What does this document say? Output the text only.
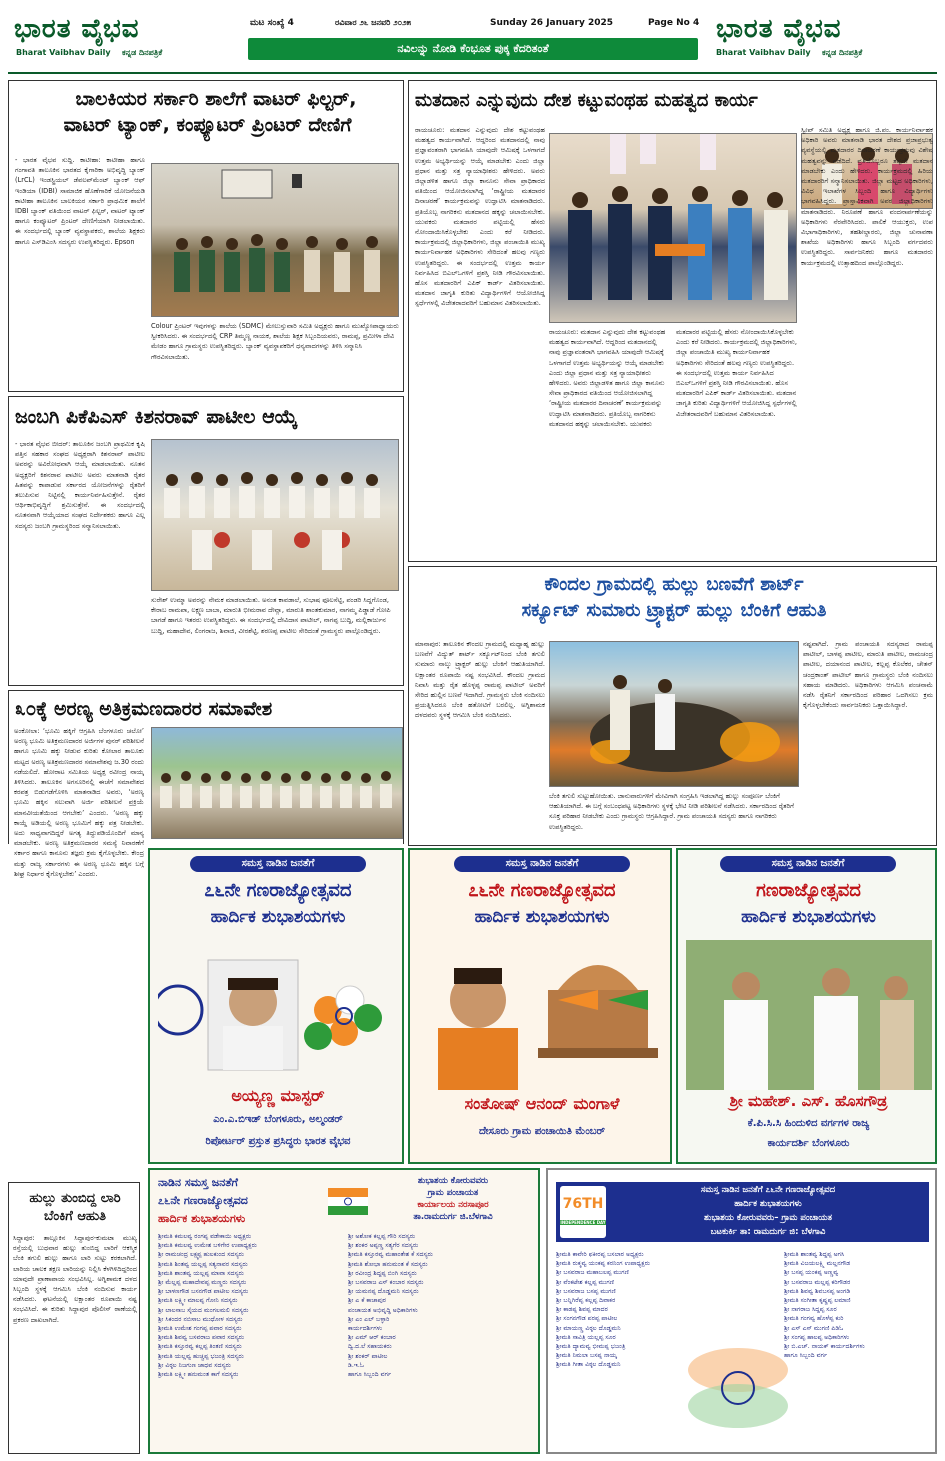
ಭಾರತ ವೈಭವ
Bharat Vaibhav Daily ಕನ್ನಡ ದಿನಪತ್ರಿಕೆ
ಮಟ ಸಂಖ್ಯೆ 4	ರವಿವಾರ ೨೬ ಜನವರಿ ೨೦೨೫	Sunday 26 January 2025	Page No 4
ನವಿಲನ್ನು ನೋಡಿ ಕೆಂಭೂತ ಪುಕ್ಕ ಕೆದರಿತಂತೆ
ಭಾರತ ವೈಭವ
Bharat Vaibhav Daily ಕನ್ನಡ ದಿನಪತ್ರಿಕೆ
ಬಾಲಕಿಯರ ಸರ್ಕಾರಿ ಶಾಲೆಗೆ ವಾಟರ್ ಫಿಲ್ಟರ್,
ವಾಟರ್ ಟ್ಯಾಂಕ್, ಕಂಪ್ಯೂಟರ್ ಪ್ರಿಂಟರ್ ದೇಣಿಗೆ
- ಭಾರತ ವೈಭವ ಸುದ್ದಿ. ಕಾಟೀಹಾ: ಕಾಟೀಹಾ ಹಾಗೂ ಗಂಗಾವತಿ ತಾಲೂಕಿನ ಭಾರತದ ಕೈಗಾರಿಕಾ ಅಭಿವೃದ್ಧಿ ಬ್ಯಾಂಕ್ (LrCL) ಇಂಡಸ್ಟ್ರಿಯಲ್ ಡೆವಲಪ್‌ಮೆಂಟ್ ಬ್ಯಾಂಕ್ ಆಫ್ ಇಂಡಿಯಾ (IDBI) ಸಾಮಾಜಿಕ ಹೊಣೆಗಾರಿಕೆ ಯೋಜನೆಯಡಿ ಕಾಟೀಹಾ ತಾಲೂಕಿನ ಬಾಲಕಿಯರ ಸರ್ಕಾರಿ ಪ್ರಾಥಮಿಕ ಶಾಲೆಗೆ IDBI ಬ್ಯಾಂಕ್ ವತಿಯಿಂದ ವಾಟರ್ ಫಿಲ್ಟರ್, ವಾಟರ್ ಟ್ಯಾಂಕ್ ಹಾಗೂ ಕಂಪ್ಯೂಟರ್ ಪ್ರಿಂಟರ್ ದೇಣಿಗೆಯಾಗಿ ನೀಡಲಾಯಿತು. ಈ ಸಂದರ್ಭದಲ್ಲಿ ಬ್ಯಾಂಕ್ ವ್ಯವಸ್ಥಾಪಕರು, ಶಾಲೆಯ ಶಿಕ್ಷಕರು ಹಾಗೂ ಎಸ್‌ಡಿಎಂಸಿ ಸದಸ್ಯರು ಉಪಸ್ಥಿತರಿದ್ದರು. Epson
Colour ಪ್ರಿಂಟರ್ ಇವುಗಳನ್ನು ಶಾಲೆಯ (SDMC) ಮೇಲುಸ್ತುವಾರಿ ಸಮಿತಿ ಅಧ್ಯಕ್ಷರು ಹಾಗೂ ಮುಖ್ಯೋಪಾಧ್ಯಾಯರು ಸ್ವೀಕರಿಸಿದರು. ಈ ಸಂದರ್ಭದಲ್ಲಿ CRP ತಿಮ್ಮಣ್ಣ ನಾಯಕ, ಶಾಲೆಯ ಶಿಕ್ಷಕ ಸಿಬ್ಬಂದಿಯವರು, ರಾಮಪ್ಪ, ಪ್ರಮೀಳಾ ದೇವಿ ಮೇಡಂ ಹಾಗೂ ಗ್ರಾಮಸ್ಥರು ಉಪಸ್ಥಿತರಿದ್ದರು. ಬ್ಯಾಂಕ್ ವ್ಯವಸ್ಥಾಪಕರಿಗೆ ಧನ್ಯವಾದಗಳನ್ನು ತಿಳಿಸಿ ಸನ್ಮಾನಿಸಿ ಗೌರವಿಸಲಾಯಿತು.
ಜಂಬಗಿ ಪಿಕೆಪಿಎಸ್ ಕಿಶನರಾವ್ ಪಾಟೀಲ ಆಯ್ಕೆ
- ಭಾರತ ವೈಭವ ಬೀದರ್: ತಾಲೂಕಿನ ಜಂಬಗಿ ಪ್ರಾಥಮಿಕ ಕೃಷಿ ಪತ್ತಿನ ಸಹಕಾರ ಸಂಘದ ಅಧ್ಯಕ್ಷರಾಗಿ ಕಿಶನರಾವ್ ಪಾಟೀಲ ಅವರನ್ನು ಅವಿರೋಧವಾಗಿ ಆಯ್ಕೆ ಮಾಡಲಾಯಿತು. ನೂತನ ಅಧ್ಯಕ್ಷರಿಗೆ ಕಿಶನರಾವ ಪಾಟೀಲ ಅವರು ಮಾತನಾಡಿ ರೈತರ ಹಿತವನ್ನು ಕಾಪಾಡುವ ಸರ್ಕಾರದ ಯೋಜನೆಗಳನ್ನು ರೈತರಿಗೆ ತಲುಪಿಸುವ ನಿಟ್ಟಿನಲ್ಲಿ ಕಾರ್ಯನಿರ್ವಹಿಸುತ್ತೇನೆ. ರೈತರ ಆರ್ಥಿಕಾಭಿವೃದ್ಧಿಗೆ ಶ್ರಮಿಸುತ್ತೇನೆ. ಈ ಸಂದರ್ಭದಲ್ಲಿ ನೂತನವಾಗಿ ಆಯ್ಕೆಯಾದ ಸಂಘದ ನಿರ್ದೇಶಕರು ಹಾಗೂ ಎಲ್ಲ ಸದಸ್ಯರು ಜಂಬಗಿ ಗ್ರಾಮಸ್ಥರಿಂದ ಸನ್ಮಾನಿಸಲಾಯಿತು.
ಸುರೇಶ್ ಉಮ್ಮಾ ಅವರನ್ನು ನೇಮಕ ಮಾಡಲಾಯಿತು. ಅನಂತ ಕಾವಡಾಲೆ, ಸುಭಾಷ ಫೂಲಸೆಟ್ಟಿ, ಪಂಡರಿ ಸಿದ್ದಗೊಂಡ, ಕೇರಾಬ ರಾಮಪಾ, ಲಕ್ಷ್ಮಣ ಬಾಬಾ, ಮಾರುತಿ ಭೀಮರಾವ ದೇವ್ಲಾ, ಮಾರುತಿ ಶಾಂತಕುಮಾರ, ನಾಗಮ್ಮ ಪಿಡ್ಡಾಡೆ ಗೋಪಿ ಬಾಗಡೆ ಹಾಗೂ ಇತರರು ಉಪಸ್ಥಿತರಿದ್ದರು. ಈ ಸಂದರ್ಭದಲ್ಲಿ ದೇವಿದಾಸ ಪಾಟೀಲ್, ನಾಗಪ್ಪ ಬುದ್ದಿ, ಮಲ್ಲಿಕಾರ್ಜುನ ಬುದ್ದಿ, ಮಹಾದೇವ, ಲಿಂಗರಾಜ, ಶಿವಾಜಿ, ವೀರಶೆಟ್ಟಿ, ಶರಣಪ್ಪ ಪಾಟೀಲ ಸೇರಿದಂತೆ ಗ್ರಾಮಸ್ಥರು ಪಾಲ್ಗೊಂಡಿದ್ದರು.
೩೦ಕ್ಕೆ ಅರಣ್ಯ ಅತಿಕ್ರಮಣದಾರರ ಸಮಾವೇಶ
ಅಂಕೋಲಾ: ‘ಭೂಮಿ ಹಕ್ಕಿಗೆ ಆಗ್ರಹಿಸಿ ಬೆಂಗಳೂರು ಚಲೋ’ ಅರಣ್ಯ ಭೂಮಿ ಅತಿಕ್ರಮಣದಾರರ ಅರ್ಜಿಗಳ ಪುನರ್ ಪರಿಶೀಲನೆ ಹಾಗೂ ಭೂಮಿ ಹಕ್ಕು ನೀಡುವ ಕುರಿತು ಕೋಲಾರ ತಾಲೂಕು ಮಟ್ಟದ ಅರಣ್ಯ ಅತಿಕ್ರಮಣದಾರರ ಸಮಾವೇಶವು ಜ.30 ರಂದು ನಡೆಯಲಿದೆ. ಹೋರಾಟ ಸಮಿತಿಯ ಅಧ್ಯಕ್ಷ ರವೀಂದ್ರ ನಾಯ್ಕ ತಿಳಿಸಿದರು. ತಾಲೂಕಿನ ಅಗಸೂರಿನಲ್ಲಿ ಈಚೆಗೆ ಸಮಾವೇಶದ ಕರಪತ್ರ ಬಿಡುಗಡೆಗೊಳಿಸಿ ಮಾತನಾಡಿದ ಅವರು, ‘ಅರಣ್ಯ ಭೂಮಿ ಹಕ್ಕಿನ ಸಲುವಾಗಿ ಅರ್ಜಿ ಪರಿಶೀಲನೆ ಪ್ರಕ್ರಿಯೆ ಮಾನವೀಯತೆಯಿಂದ ಆಗಬೇಕು’ ಎಂದರು. ‘ಅರಣ್ಯ ಹಕ್ಕು ಕಾಯ್ದೆ ಅಡಿಯಲ್ಲಿ ಅರಣ್ಯ ಭೂಮಿಗೆ ಹಕ್ಕು ಪತ್ರ ನೀಡಬೇಕು. ಅದು ಸಾಧ್ಯವಾಗದಿದ್ದರೆ ಅಗತ್ಯ ತಿದ್ದುಪಡಿಯೊಂದಿಗೆ ಮಾನ್ಯ ಮಾಡಬೇಕು. ಅರಣ್ಯ ಅತಿಕ್ರಮಣದಾರರ ಸಮಸ್ಯೆ ನಿವಾರಣೆಗೆ ಸರ್ಕಾರ ಹಾಗೂ ಕಾನೂನು ತಜ್ಞರು ಕ್ರಮ ಕೈಗೊಳ್ಳಬೇಕು. ಕೇಂದ್ರ ಮತ್ತು ರಾಜ್ಯ ಸರ್ಕಾರಗಳು ಈ ಅರಣ್ಯ ಭೂಮಿ ಹಕ್ಕಿನ ಬಗ್ಗೆ ಶೀಘ್ರ ನಿರ್ಧಾರ ಕೈಗೊಳ್ಳಬೇಕು’ ಎಂದರು.
ಹುಲ್ಲು ತುಂಬಿದ್ದ ಲಾರಿ
ಬೆಂಕಿಗೆ ಆಹುತಿ
ಸಿದ್ದಾಪುರ: ತಾಲ್ಲೂಕಿನ ಸಿದ್ದಾಪುರ-ಕುಮಟಾ ಮುಖ್ಯ ರಸ್ತೆಯಲ್ಲಿ ಬುಧವಾರ ಹುಲ್ಲು ತುಂಬಿದ್ದ ಲಾರಿಗೆ ಆಕಸ್ಮಿಕ ಬೆಂಕಿ ತಗುಲಿ ಹುಲ್ಲು ಹಾಗೂ ಲಾರಿ ಸುಟ್ಟು ಕರಕಲಾಗಿದೆ. ಲಾರಿಯ ಚಾಲಕ ತಕ್ಷಣ ಲಾರಿಯನ್ನು ನಿಲ್ಲಿಸಿ ಕೆಳಗಿಳಿದಿದ್ದರಿಂದ ಯಾವುದೇ ಪ್ರಾಣಾಪಾಯ ಸಂಭವಿಸಿಲ್ಲ. ಅಗ್ನಿಶಾಮಕ ದಳದ ಸಿಬ್ಬಂದಿ ಸ್ಥಳಕ್ಕೆ ಆಗಮಿಸಿ ಬೆಂಕಿ ನಂದಿಸುವ ಕಾರ್ಯ ನಡೆಸಿದರು. ಘಟನೆಯಲ್ಲಿ ಲಕ್ಷಾಂತರ ರೂಪಾಯಿ ನಷ್ಟ ಸಂಭವಿಸಿದೆ. ಈ ಕುರಿತು ಸಿದ್ದಾಪುರ ಪೊಲೀಸ್ ಠಾಣೆಯಲ್ಲಿ ಪ್ರಕರಣ ದಾಖಲಾಗಿದೆ.
ಮತದಾನ ಎನ್ನುವುದು ದೇಶ ಕಟ್ಟುವಂಥಹ ಮಹತ್ವದ ಕಾರ್ಯ
ರಾಯಚೂರು: ಮತದಾನ ಎನ್ನುವುದು ದೇಶ ಕಟ್ಟುವಂಥಹ ಮಹತ್ವದ ಕಾರ್ಯವಾಗಿದೆ. ಆದ್ದರಿಂದ ಮತದಾನದಲ್ಲಿ ನಾವು ಪ್ರಜ್ಞಾವಂತರಾಗಿ ಭಾಗವಹಿಸಿ ಯಾವುದೇ ಆಮಿಷಕ್ಕೆ ಒಳಗಾಗದೆ ಉತ್ತಮ ಅಭ್ಯರ್ಥಿಯನ್ನು ಆಯ್ಕೆ ಮಾಡಬೇಕು ಎಂದು ಜಿಲ್ಲಾ ಪ್ರಧಾನ ಮತ್ತು ಸತ್ರ ನ್ಯಾಯಾಧೀಶರು ಹೇಳಿದರು. ಅವರು ಜಿಲ್ಲಾಡಳಿತ ಹಾಗೂ ಜಿಲ್ಲಾ ಕಾನೂನು ಸೇವಾ ಪ್ರಾಧಿಕಾರದ ವತಿಯಿಂದ ಆಯೋಜಿಸಲಾಗಿದ್ದ ‘ರಾಷ್ಟ್ರೀಯ ಮತದಾರರ ದಿನಾಚರಣೆ’ ಕಾರ್ಯಕ್ರಮವನ್ನು ಉದ್ಘಾಟಿಸಿ ಮಾತನಾಡಿದರು. ಪ್ರತಿಯೊಬ್ಬ ನಾಗರಿಕನು ಮತದಾನದ ಹಕ್ಕನ್ನು ಚಲಾಯಿಸಬೇಕು. ಯುವಕರು ಮತದಾರರ ಪಟ್ಟಿಯಲ್ಲಿ ಹೆಸರು ನೋಂದಾಯಿಸಿಕೊಳ್ಳಬೇಕು ಎಂದು ಕರೆ ನೀಡಿದರು. ಕಾರ್ಯಕ್ರಮದಲ್ಲಿ ಜಿಲ್ಲಾಧಿಕಾರಿಗಳು, ಜಿಲ್ಲಾ ಪಂಚಾಯಿತಿ ಮುಖ್ಯ ಕಾರ್ಯನಿರ್ವಾಹಕ ಅಧಿಕಾರಿಗಳು ಸೇರಿದಂತೆ ಹಲವು ಗಣ್ಯರು ಉಪಸ್ಥಿತರಿದ್ದರು. ಈ ಸಂದರ್ಭದಲ್ಲಿ ಉತ್ತಮ ಕಾರ್ಯ ನಿರ್ವಹಿಸಿದ ಬಿಎಲ್‌ಒಗಳಿಗೆ ಪ್ರಶಸ್ತಿ ನೀಡಿ ಗೌರವಿಸಲಾಯಿತು. ಹೊಸ ಮತದಾರರಿಗೆ ಎಪಿಕ್ ಕಾರ್ಡ್ ವಿತರಿಸಲಾಯಿತು. ಮತದಾನ ಜಾಗೃತಿ ಕುರಿತು ವಿದ್ಯಾರ್ಥಿಗಳಿಗೆ ಆಯೋಜಿಸಿದ್ದ ಸ್ಪರ್ಧೆಗಳಲ್ಲಿ ವಿಜೇತರಾದವರಿಗೆ ಬಹುಮಾನ ವಿತರಿಸಲಾಯಿತು.
ಸ್ವೀಪ್ ಸಮಿತಿ ಅಧ್ಯಕ್ಷ ಹಾಗೂ ಜಿ.ಪಂ. ಕಾರ್ಯನಿರ್ವಾಹಕ ಅಧಿಕಾರಿ ಅವರು ಮಾತನಾಡಿ ಭಾರತ ದೇಶದ ಪ್ರಜಾಪ್ರಭುತ್ವ ವ್ಯವಸ್ಥೆಯಲ್ಲಿ ಮತದಾರರ ದಿನಾಚರಣೆ ಕಾರ್ಯಕ್ರಮವು ವಿಶೇಷ ಮಹತ್ವವನ್ನು ಪಡೆದಿದೆ. ಪ್ರತಿಯೊಬ್ಬರೂ ತಪ್ಪದೇ ಮತದಾನ ಮಾಡಬೇಕು ಎಂದು ಹೇಳಿದರು. ಕಾರ್ಯಕ್ರಮದಲ್ಲಿ ಹಿರಿಯ ಮತದಾರರಿಗೆ ಸನ್ಮಾನಿಸಲಾಯಿತು. ಜಿಲ್ಲಾ ಮಟ್ಟದ ಅಧಿಕಾರಿಗಳು, ವಿವಿಧ ಇಲಾಖೆಗಳ ಸಿಬ್ಬಂದಿ ಹಾಗೂ ವಿದ್ಯಾರ್ಥಿಗಳು ಭಾಗವಹಿಸಿದ್ದರು. ಪ್ರಾಸ್ತಾವಿಕವಾಗಿ ಅಪರ ಜಿಲ್ಲಾಧಿಕಾರಿಗಳು ಮಾತನಾಡಿದರು. ನಿರೂಪಣೆ ಹಾಗೂ ವಂದನಾರ್ಪಣೆಯನ್ನು ಅಧಿಕಾರಿಗಳು ನೆರವೇರಿಸಿದರು. ಪಾಲಿಕೆ ಆಯುಕ್ತರು, ಉಪ ವಿಭಾಗಾಧಿಕಾರಿಗಳು, ತಹಶೀಲ್ದಾರರು, ಜಿಲ್ಲಾ ಚುನಾವಣಾ ಶಾಖೆಯ ಅಧಿಕಾರಿಗಳು ಹಾಗೂ ಸಿಬ್ಬಂದಿ ವರ್ಗದವರು ಉಪಸ್ಥಿತರಿದ್ದರು. ಸಾರ್ವಜನಿಕರು ಹಾಗೂ ಮತದಾರರು ಕಾರ್ಯಕ್ರಮದಲ್ಲಿ ಉತ್ಸಾಹದಿಂದ ಪಾಲ್ಗೊಂಡಿದ್ದರು.
ರಾಯಚೂರು: ಮತದಾನ ಎನ್ನುವುದು ದೇಶ ಕಟ್ಟುವಂಥಹ ಮಹತ್ವದ ಕಾರ್ಯವಾಗಿದೆ. ಆದ್ದರಿಂದ ಮತದಾನದಲ್ಲಿ ನಾವು ಪ್ರಜ್ಞಾವಂತರಾಗಿ ಭಾಗವಹಿಸಿ ಯಾವುದೇ ಆಮಿಷಕ್ಕೆ ಒಳಗಾಗದೆ ಉತ್ತಮ ಅಭ್ಯರ್ಥಿಯನ್ನು ಆಯ್ಕೆ ಮಾಡಬೇಕು ಎಂದು ಜಿಲ್ಲಾ ಪ್ರಧಾನ ಮತ್ತು ಸತ್ರ ನ್ಯಾಯಾಧೀಶರು ಹೇಳಿದರು. ಅವರು ಜಿಲ್ಲಾಡಳಿತ ಹಾಗೂ ಜಿಲ್ಲಾ ಕಾನೂನು ಸೇವಾ ಪ್ರಾಧಿಕಾರದ ವತಿಯಿಂದ ಆಯೋಜಿಸಲಾಗಿದ್ದ ‘ರಾಷ್ಟ್ರೀಯ ಮತದಾರರ ದಿನಾಚರಣೆ’ ಕಾರ್ಯಕ್ರಮವನ್ನು ಉದ್ಘಾಟಿಸಿ ಮಾತನಾಡಿದರು. ಪ್ರತಿಯೊಬ್ಬ ನಾಗರಿಕನು ಮತದಾನದ ಹಕ್ಕನ್ನು ಚಲಾಯಿಸಬೇಕು. ಯುವಕರು ಮತದಾರರ ಪಟ್ಟಿಯಲ್ಲಿ ಹೆಸರು ನೋಂದಾಯಿಸಿಕೊಳ್ಳಬೇಕು ಎಂದು ಕರೆ ನೀಡಿದರು. ಕಾರ್ಯಕ್ರಮದಲ್ಲಿ ಜಿಲ್ಲಾಧಿಕಾರಿಗಳು, ಜಿಲ್ಲಾ ಪಂಚಾಯಿತಿ ಮುಖ್ಯ ಕಾರ್ಯನಿರ್ವಾಹಕ ಅಧಿಕಾರಿಗಳು ಸೇರಿದಂತೆ ಹಲವು ಗಣ್ಯರು ಉಪಸ್ಥಿತರಿದ್ದರು. ಈ ಸಂದರ್ಭದಲ್ಲಿ ಉತ್ತಮ ಕಾರ್ಯ ನಿರ್ವಹಿಸಿದ ಬಿಎಲ್‌ಒಗಳಿಗೆ ಪ್ರಶಸ್ತಿ ನೀಡಿ ಗೌರವಿಸಲಾಯಿತು. ಹೊಸ ಮತದಾರರಿಗೆ ಎಪಿಕ್ ಕಾರ್ಡ್ ವಿತರಿಸಲಾಯಿತು. ಮತದಾನ ಜಾಗೃತಿ ಕುರಿತು ವಿದ್ಯಾರ್ಥಿಗಳಿಗೆ ಆಯೋಜಿಸಿದ್ದ ಸ್ಪರ್ಧೆಗಳಲ್ಲಿ ವಿಜೇತರಾದವರಿಗೆ ಬಹುಮಾನ ವಿತರಿಸಲಾಯಿತು.
ಕೌಂದಲ ಗ್ರಾಮದಲ್ಲಿ ಹುಲ್ಲು ಬಣವೆಗೆ ಶಾರ್ಟ್
ಸರ್ಕ್ಯೂಟ್ ಸುಮಾರು ಟ್ರ್ಯಾಕ್ಟರ್ ಹುಲ್ಲು ಬೆಂಕಿಗೆ ಆಹುತಿ
ಮಾನಾಪುರ: ತಾಲೂಕಿನ ಕೌಂದಲ ಗ್ರಾಮದಲ್ಲಿ ಮಧ್ಯಾಹ್ನ ಹುಲ್ಲು ಬಣವೆಗೆ ವಿದ್ಯುತ್ ಶಾರ್ಟ್ ಸರ್ಕ್ಯೂಟ್‌ನಿಂದ ಬೆಂಕಿ ತಗುಲಿ ಸುಮಾರು ನಾಲ್ಕು ಟ್ರ್ಯಾಕ್ಟರ್ ಹುಲ್ಲು ಬೆಂಕಿಗೆ ಆಹುತಿಯಾಗಿದೆ. ಲಕ್ಷಾಂತರ ರೂಪಾಯಿ ನಷ್ಟ ಸಂಭವಿಸಿದೆ. ಕೌಂದಲ ಗ್ರಾಮದ ನಿವಾಸಿ ಮತ್ತು ರೈತ ಹೊಳ್ಳಪ್ಪ ರಾಮಪ್ಪ ಪಾಟೀಲ್ ಅವರಿಗೆ ಸೇರಿದ ಹುಲ್ಲಿನ ಬಣವೆ ಇದಾಗಿದೆ. ಗ್ರಾಮಸ್ಥರು ಬೆಂಕಿ ನಂದಿಸಲು ಪ್ರಯತ್ನಿಸಿದರೂ ಬೆಂಕಿ ಹತೋಟಿಗೆ ಬರಲಿಲ್ಲ. ಅಗ್ನಿಶಾಮಕ ದಳದವರು ಸ್ಥಳಕ್ಕೆ ಆಗಮಿಸಿ ಬೆಂಕಿ ನಂದಿಸಿದರು.
ಬೆಂಕಿ ತಗುಲಿ ಸುಟ್ಟುಹೋಯಿತು. ಜಾನುವಾರುಗಳಿಗೆ ಮೇವಿಗಾಗಿ ಸಂಗ್ರಹಿಸಿ ಇಡಲಾಗಿದ್ದ ಹುಲ್ಲು ಸಂಪೂರ್ಣ ಬೆಂಕಿಗೆ ಆಹುತಿಯಾಗಿದೆ. ಈ ಬಗ್ಗೆ ಸಂಬಂಧಪಟ್ಟ ಅಧಿಕಾರಿಗಳು ಸ್ಥಳಕ್ಕೆ ಭೇಟಿ ನೀಡಿ ಪರಿಶೀಲನೆ ನಡೆಸಿದರು. ಸರ್ಕಾರದಿಂದ ರೈತರಿಗೆ ಸೂಕ್ತ ಪರಿಹಾರ ನೀಡಬೇಕು ಎಂದು ಗ್ರಾಮಸ್ಥರು ಆಗ್ರಹಿಸಿದ್ದಾರೆ. ಗ್ರಾಮ ಪಂಚಾಯತಿ ಸದಸ್ಯರು ಹಾಗೂ ನಾಗರಿಕರು ಉಪಸ್ಥಿತರಿದ್ದರು.
ನಷ್ಟವಾಗಿದೆ. ಗ್ರಾಮ ಪಂಚಾಯತಿ ಸದಸ್ಯರಾದ ರಾಮಪ್ಪ ಪಾಟೀಲ್, ಬಾಳಪ್ಪ ಪಾಟೀಲ, ಮಾರುತಿ ಪಾಟೀಲ, ರಾಮಚಂದ್ರ ಪಾಟೀಲ, ದಯಾನಂದ ಪಾಟೀಲ, ಕಲ್ಲಪ್ಪ ಕೊಲೆಕರ, ಚೇತನ್ ಚಂದ್ರಕಾಂತ್ ಪಾಟೀಲ್ ಹಾಗೂ ಗ್ರಾಮಸ್ಥರು ಬೆಂಕಿ ನಂದಿಸಲು ಸಹಾಯ ಮಾಡಿದರು. ಅಧಿಕಾರಿಗಳು ಆಗಮಿಸಿ ಪಂಚನಾಮೆ ನಡೆಸಿ ರೈತನಿಗೆ ಸರ್ಕಾರದಿಂದ ಪರಿಹಾರ ಒದಗಿಸಲು ಕ್ರಮ ಕೈಗೊಳ್ಳಬೇಕೆಂದು ಸಾರ್ವಜನಿಕರು ಒತ್ತಾಯಿಸಿದ್ದಾರೆ.
ಸಮಸ್ತ ನಾಡಿನ ಜನತೆಗೆ
೭೬ನೇ ಗಣರಾಜ್ಯೋತ್ಸವದ
ಹಾರ್ದಿಕ ಶುಭಾಶಯಗಳು
ಅಯ್ಯಣ್ಣ ಮಾಸ್ಟರ್
ಎಂ.ಎ.ಬಿಇಡ್ ಬೆಂಗಳೂರು, ಅಲ್ಮಂಡರ್
ರಿಪೋರ್ಟರ್ ಪ್ರಸ್ತುತ ಪ್ರಸಿದ್ಧರು ಭಾರತ ವೈಭವ
ಸಮಸ್ತ ನಾಡಿನ ಜನತೆಗೆ
೭೬ನೇ ಗಣರಾಜ್ಯೋತ್ಸವದ
ಹಾರ್ದಿಕ ಶುಭಾಶಯಗಳು
ಸಂತೋಷ್ ಆನಂದ್ ಮಂಗಾಳೆ
ದೇಸೂರು ಗ್ರಾಮ ಪಂಚಾಯಿತಿ ಮೆಂಬರ್
ಸಮಸ್ತ ನಾಡಿನ ಜನತೆಗೆ
ಗಣರಾಜ್ಯೋತ್ಸವದ
ಹಾರ್ದಿಕ ಶುಭಾಶಯಗಳು
ಶ್ರೀ ಮಹೇಶ್. ಎಸ್. ಹೊಸಗೌಡ್ರ
ಕೆ.ಪಿ.ಸಿ.ಸಿ ಹಿಂದುಳಿದ ವರ್ಗಗಳ ರಾಜ್ಯ
ಕಾರ್ಯದರ್ಶಿ ಬೆಂಗಳೂರು
ನಾಡಿನ ಸಮಸ್ತ ಜನತೆಗೆ
೭೬ನೇ ಗಣರಾಜ್ಯೋತ್ಸವದ
ಹಾರ್ದಿಕ ಶುಭಾಶಯಗಳು
ಶುಭಾಶಯ ಕೋರುವವರು
ಗ್ರಾಮ ಪಂಚಾಯತ
ಕಾರ್ಯಾಲಯ ನರಸಾಪೂರ
ತಾ.ರಾಮದುರ್ಗ ಜಿ.ಬೆಳಗಾವಿ
ಶ್ರೀಮತಿ ಕಮಲವ್ವ ರಂಗಪ್ಪ ವಡೇಕಾಯಿ ಅಧ್ಯಕ್ಷರು
ಶ್ರೀಮತಿ ಕಮಲವ್ವ ಉಮೇಶ ಬಳಿಗೇರ ಉಪಾಧ್ಯಕ್ಷರು
ಶ್ರೀ ರಾಮಚಂದ್ರ ಲಕ್ಷ್ಮಪ್ಪ ಹುಲಕುಂದ ಸದಸ್ಯರು
ಶ್ರೀಮತಿ ಶಿಂತವ್ವ ಯಲ್ಲಪ್ಪ ಸತ್ಯನಾವರ ಸದಸ್ಯರು
ಶ್ರೀಮತಿ ಶಾಂತವ್ವ ಯಲ್ಲಪ್ಪ ಮಾವಾ ಸದಸ್ಯರು
ಶ್ರೀ ಮೆಲ್ಲಪ್ಪ ಮಹಾದೇವಪ್ಪ ಮಣ್ಣರು ಸದಸ್ಯರು
ಶ್ರೀ ಬಾಳಣಗೌಡ ಬಸನಗೌಡ ಪಾಟೀಲ ಸದಸ್ಯರು
ಶ್ರೀಮತಿ ಲಕ್ಷ್ಮೀ ಮಾಲಪ್ಪ ಗೋನಿ ಸದಸ್ಯರು
ಶ್ರೀ ಲಾಲಸಾಬ ಸೈಯದ ಮಂಗಲಮಲಿ ಸದಸ್ಯರು
ಶ್ರೀ ಸಿಕಂದರ ನಬಿಸಾಬ ಮುಧೋಳ ಸದಸ್ಯರು
ಶ್ರೀಮತಿ ಉಮೇಶ ಗಂಗಪ್ಪ ಪವಾರ ಸದಸ್ಯರು
ಶ್ರೀಮತಿ ಶಿವವ್ವ ಬಸವರಾಜ ಪವಾರ ಸದಸ್ಯರು
ಶ್ರೀಮತಿ ಕಸ್ತೂರವ್ವ ಕಲ್ಲಪ್ಪ ತಿಂತಣಿ ಸದಸ್ಯರು
ಶ್ರೀಮತಿ ಯಲ್ಲವ್ವ ಹುಚ್ಚಪ್ಪ ಭಜಂತ್ರಿ ಸದಸ್ಯರು
ಶ್ರೀ ವಿಠ್ಠಲ ನಿಜಗುಣ ಜಾಧವ ಸದಸ್ಯರು
ಶ್ರೀಮತಿ ಲಕ್ಷ್ಮೀ ಹನುಮಂತ ಕಾಗೆ ಸದಸ್ಯರು
ಶ್ರೀ ಅಶೋಕ ಕಲ್ಲಪ್ಪ ಗೌರಿ ಸದಸ್ಯರು
ಶ್ರೀ ಶಂಕರ ಅಪ್ಪಣ್ಣ ಸತ್ಯಗೆರ ಸದಸ್ಯರು
ಶ್ರೀಮತಿ ಕಸ್ತೂರವ್ವ ಮಹಾಂತೇಶ ಕೆ ಸದಸ್ಯರು
ಶ್ರೀಮತಿ ಶೋಭಾ ಹನುಮಂತ ಕೆ ಸದಸ್ಯರು
ಶ್ರೀ ರವೀಂದ್ರ ಶಿದ್ದಪ್ಪ ಬಿಂಗಿ ಸದಸ್ಯರು
ಶ್ರೀ ಬಸವರಾಜ ಎಸ್ ಕಂಬಾರ ಸದಸ್ಯರು
ಶ್ರೀ ಯಮನಪ್ಪ ದೊಡ್ಡಮನಿ ಸದಸ್ಯರು
ಶ್ರೀ ಎ ಕೆ ಕಾಚಾಪುರ
ಪಂಚಾಯತ ಅಭಿವೃದ್ಧಿ ಅಧಿಕಾರಿಗಳು
ಶ್ರೀ ಎಂ ಎಲ್ ಬಳ್ಳಾರಿ
ಕಾರ್ಯದರ್ಶಿಗಳು
ಶ್ರೀ ಎಮ್ ಆರ್ ಕಂಬಾರ
ದ್ವಿ.ದ.ಲೆ ಸಹಾಯಕರು
ಶ್ರೀ ಶಂಕರ್ ಪಾಟೀಲ
ಡಿ.ಇ.ಓ
ಹಾಗೂ ಸಿಬ್ಬಂದಿ ವರ್ಗ
76TH
INDEPENDENCE DAY
ಸಮಸ್ತ ನಾಡಿನ ಜನತೆಗೆ ೭೬ನೇ ಗಣರಾಜ್ಯೋತ್ಸವದ
ಹಾರ್ದಿಕ ಶುಭಾಶಯಗಳು
ಶುಭಾಶಯ ಕೋರುವವರು– ಗ್ರಾಮ ಪಂಚಾಯತ
ಬಟಕುರ್ಕಿ ತಾ: ರಾಮದುರ್ಗ ಜಿ: ಬೆಳಗಾವಿ
ಶ್ರೀಮತಿ ಕಾವೇರಿ ಫಕೀರಪ್ಪ ಬಸಲಾರ ಅಧ್ಯಕ್ಷರು
ಶ್ರೀಮತಿ ರುಕ್ಮವ್ವ ಯಂಕಪ್ಪ ಕರನಿಂಗ ಉಪಾಧ್ಯಕ್ಷರು
ಶ್ರೀ ಬಸವರಾಜ ಮಹಾಬಲಪ್ಪ ಮುಗಣಿ
ಶ್ರೀ ವೆಂಕಟೇಶ ಕಲ್ಲಪ್ಪ ಮುಗಣಿ
ಶ್ರೀ ಬಸವರಾಜ ಬಸಪ್ಪ ಮುಗಣಿ
ಶ್ರೀ ಬನ್ನಿಗಿರೆಪ್ಪ ಕಲ್ಲಪ್ಪ ದಿವಾಕರ
ಶ್ರೀ ಕಾಡಪ್ಪ ಶಿವಪ್ಪ ಮಾದರ
ಶ್ರೀ ಸಂಗನಗೌಡ ಪರಪ್ಪ ಪಾಟೀಲ
ಶ್ರೀ ಮಾಯಣ್ಣ ವಿಠ್ಠಲ ದೊಡ್ಡಮನಿ
ಶ್ರೀಮತಿ ಸಾವಿತ್ರಿ ಯಲ್ಲಪ್ಪ ಸೂರ
ಶ್ರೀಮತಿ ದ್ಯಾಮವ್ವ ಭೀಮಪ್ಪ ಭಜಂತ್ರಿ
ಶ್ರೀಮತಿ ನಿಮಲಾ ಬಸಪ್ಪ ನಾಯ್ಕ
ಶ್ರೀಮತಿ ಗೀತಾ ವಿಠ್ಠಲ ದೊಡ್ಡಮನಿ
ಶ್ರೀಮತಿ ಶಾಂತವ್ವ ಶಿದ್ದಪ್ಪ ಅಗಸಿ
ಶ್ರೀಮತಿ ವಿಜಯಲಕ್ಷ್ಮಿ ಮಲ್ಲನಗೌಡ
ಶ್ರೀ ಬಸಪ್ಪ ಯಂಕಪ್ಪ ಅಣ್ಣವ್ವ
ಶ್ರೀ ಬಸವರಾಜ ಮಲ್ಲಪ್ಪ ಕರಿಗೌಡರ
ಶ್ರೀಮತಿ ಶಿವವ್ವ ಶಿವಬಸಪ್ಪ ಅಂಗಡಿ
ಶ್ರೀಮತಿ ಸಂಗೀತಾ ಕೃಷ್ಣಪ್ಪ ಲಮಾಣಿ
ಶ್ರೀ ನಾಗರಾಜ ಸಿದ್ದಪ್ಪ ಸೂರ
ಶ್ರೀಮತಿ ಗಂಗವ್ವ ಹೊಳೆಪ್ಪ ಕುರಿ
ಶ್ರೀ ಎಸ್ ಎಸ್ ಮುಗಣಿ ಪಿಡಿಓ
ಶ್ರೀ ಸಂಗಪ್ಪ ಹಾಲಪ್ಪ ಅಧಿಕಾರಿಗಳು
ಶ್ರೀ ಬಿ.ಎಚ್. ನಾಯಕ್ ಕಾರ್ಯದರ್ಶಿಗಳು
ಹಾಗೂ ಸಿಬ್ಬಂದಿ ವರ್ಗ
